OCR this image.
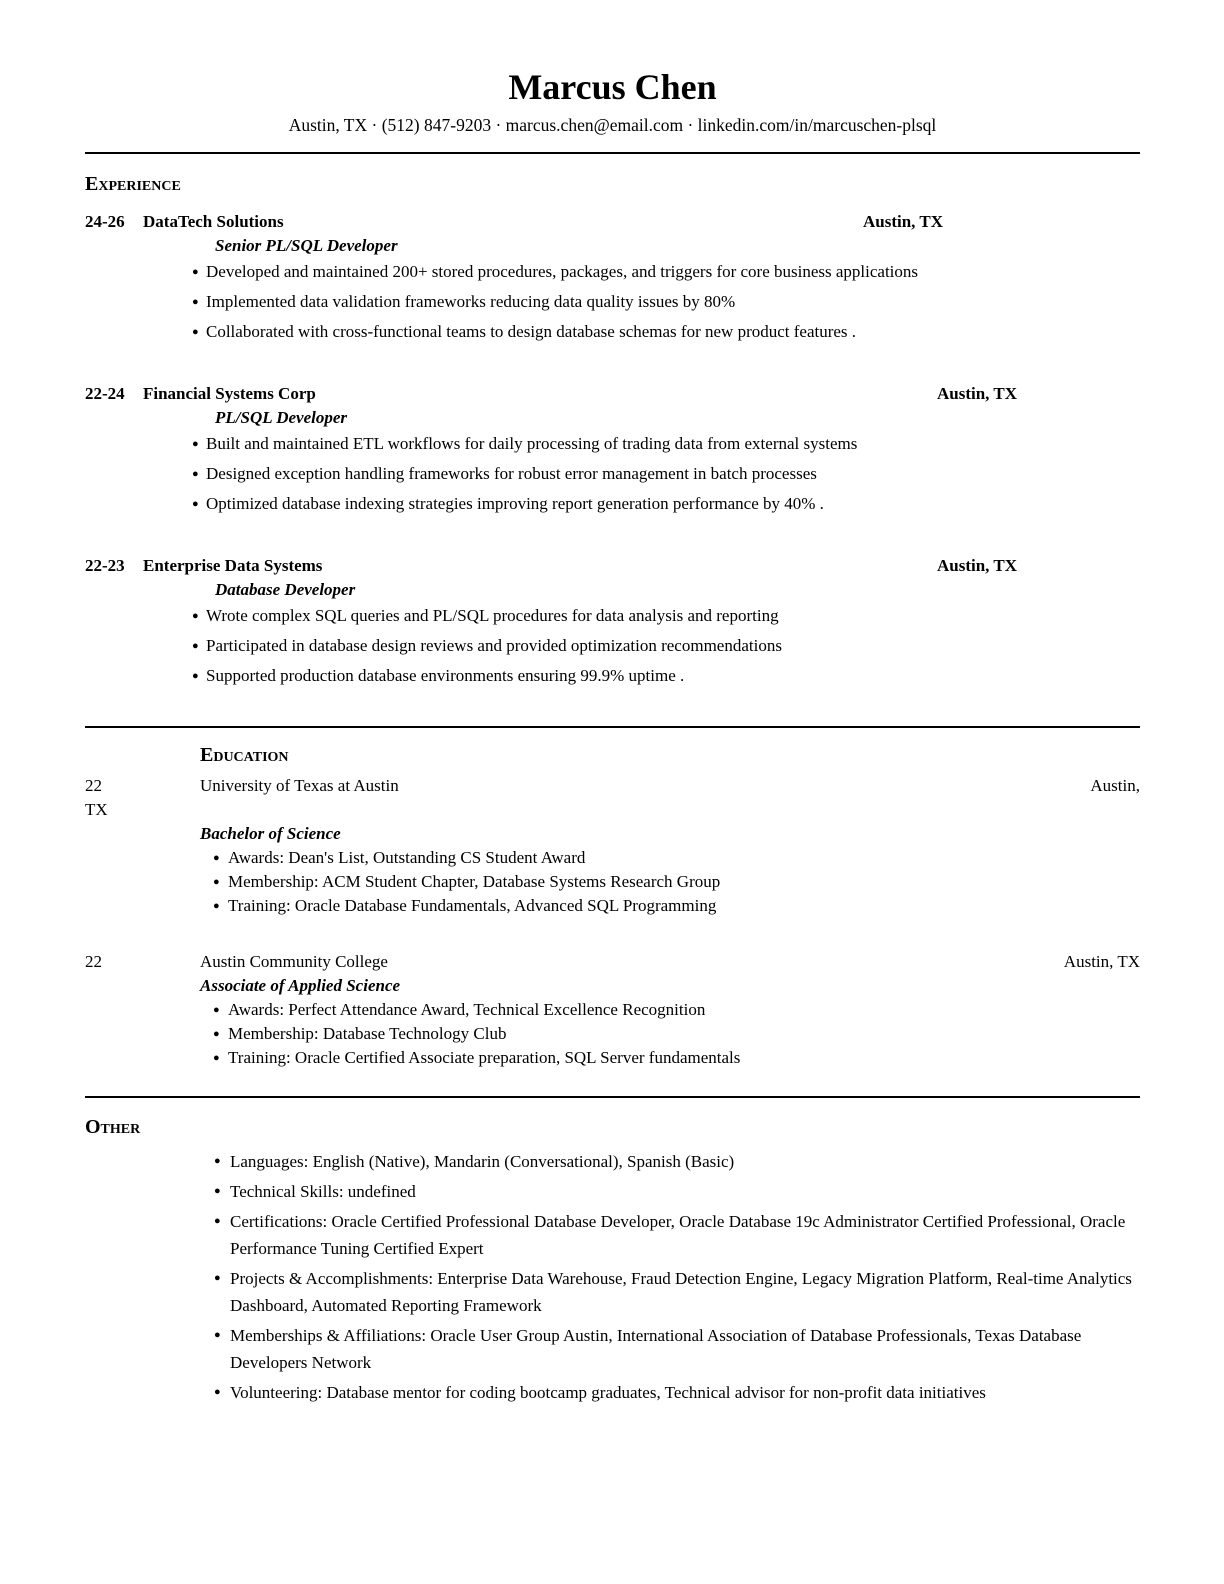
Marcus Chen
Austin, TX · (512) 847-9203 · marcus.chen@email.com · linkedin.com/in/marcuschen-plsql
Experience
24-26 DataTech Solutions	Austin, TX
Senior PL/SQL Developer
● Developed and maintained 200+ stored procedures, packages, and triggers for core business applications
● Implemented data validation frameworks reducing data quality issues by 80%
● Collaborated with cross-functional teams to design database schemas for new product features .
22-24 Financial Systems Corp	Austin, TX
PL/SQL Developer
● Built and maintained ETL workflows for daily processing of trading data from external systems
● Designed exception handling frameworks for robust error management in batch processes
● Optimized database indexing strategies improving report generation performance by 40% .
22-23 Enterprise Data Systems	Austin, TX
Database Developer
● Wrote complex SQL queries and PL/SQL procedures for data analysis and reporting
● Participated in database design reviews and provided optimization recommendations
● Supported production database environments ensuring 99.9% uptime .
Education
22	University of Texas at Austin	Austin,
TX
Bachelor of Science
● Awards: Dean's List, Outstanding CS Student Award
● Membership: ACM Student Chapter, Database Systems Research Group
● Training: Oracle Database Fundamentals, Advanced SQL Programming
22	Austin Community College	Austin, TX
Associate of Applied Science
● Awards: Perfect Attendance Award, Technical Excellence Recognition
● Membership: Database Technology Club
● Training: Oracle Certified Associate preparation, SQL Server fundamentals
Other
● Languages: English (Native), Mandarin (Conversational), Spanish (Basic)
● Technical Skills: undefined
● Certifications: Oracle Certified Professional Database Developer, Oracle Database 19c Administrator Certified Professional, Oracle Performance Tuning Certified Expert
● Projects & Accomplishments: Enterprise Data Warehouse, Fraud Detection Engine, Legacy Migration Platform, Real-time Analytics Dashboard, Automated Reporting Framework
● Memberships & Affiliations: Oracle User Group Austin, International Association of Database Professionals, Texas Database Developers Network
● Volunteering: Database mentor for coding bootcamp graduates, Technical advisor for non-profit data initiatives
